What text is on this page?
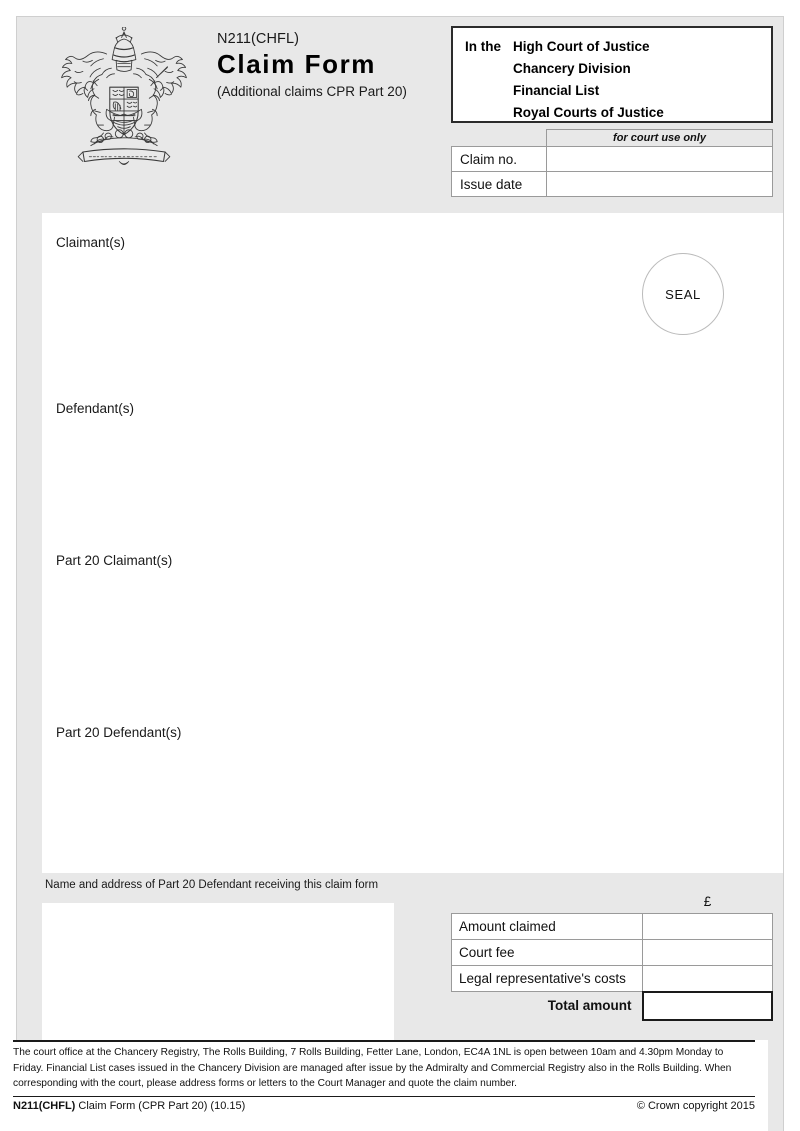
N211(CHFL)
Claim Form
(Additional claims CPR Part 20)
In the High Court of Justice
Chancery Division
Financial List
Royal Courts of Justice
	for court use only
Claim no.	
Issue date	
Claimant(s)
Defendant(s)
Part 20 Claimant(s)
Part 20 Defendant(s)
SEAL
Name and address of Part 20 Defendant receiving this claim form
£
Amount claimed	
Court fee	
Legal representative's costs	
Total amount	
The court office at the Chancery Registry, The Rolls Building, 7 Rolls Building, Fetter Lane, London, EC4A 1NL is open between 10am and 4.30pm Monday to Friday. Financial List cases issued in the Chancery Division are managed after issue by the Admiralty and Commercial Registry also in the Rolls Building. When corresponding with the court, please address forms or letters to the Court Manager and quote the claim number.
N211(CHFL) Claim Form (CPR Part 20) (10.15)	© Crown copyright 2015
